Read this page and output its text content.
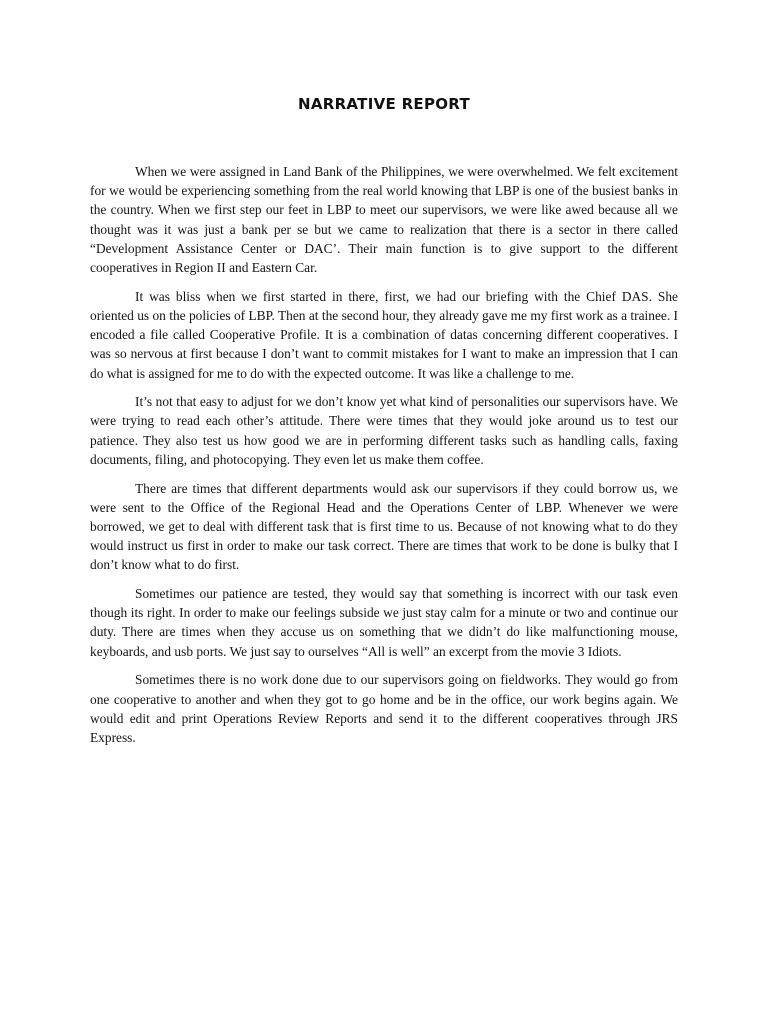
NARRATIVE REPORT

When we were assigned in Land Bank of the Philippines, we were overwhelmed. We felt excitement for we would be experiencing something from the real world knowing that LBP is one of the busiest banks in the country. When we first step our feet in LBP to meet our supervisors, we were like awed because all we thought was it was just a bank per se but we came to realization that there is a sector in there called “Development Assistance Center or DAC’. Their main function is to give support to the different cooperatives in Region II and Eastern Car.

It was bliss when we first started in there, first, we had our briefing with the Chief DAS. She oriented us on the policies of LBP. Then at the second hour, they already gave me my first work as a trainee. I encoded a file called Cooperative Profile. It is a combination of datas concerning different cooperatives. I was so nervous at first because I don’t want to commit mistakes for I want to make an impression that I can do what is assigned for me to do with the expected outcome. It was like a challenge to me.

It’s not that easy to adjust for we don’t know yet what kind of personalities our supervisors have. We were trying to read each other’s attitude. There were times that they would joke around us to test our patience. They also test us how good we are in performing different tasks such as handling calls, faxing documents, filing, and photocopying. They even let us make them coffee.

There are times that different departments would ask our supervisors if they could borrow us, we were sent to the Office of the Regional Head and the Operations Center of LBP. Whenever we were borrowed, we get to deal with different task that is first time to us. Because of not knowing what to do they would instruct us first in order to make our task correct. There are times that work to be done is bulky that I don’t know what to do first.

Sometimes our patience are tested, they would say that something is incorrect with our task even though its right. In order to make our feelings subside we just stay calm for a minute or two and continue our duty. There are times when they accuse us on something that we didn’t do like malfunctioning mouse, keyboards, and usb ports. We just say to ourselves “All is well” an excerpt from the movie 3 Idiots.

Sometimes there is no work done due to our supervisors going on fieldworks. They would go from one cooperative to another and when they got to go home and be in the office, our work begins again. We would edit and print Operations Review Reports and send it to the different cooperatives through JRS Express.
